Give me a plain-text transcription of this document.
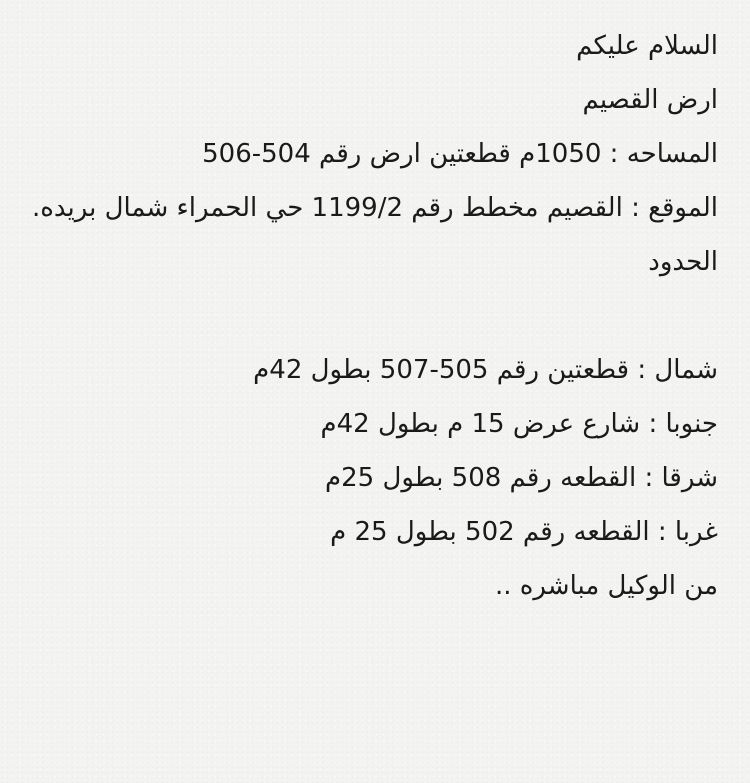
السلام عليكم
ارض القصيم
المساحه : 1050م قطعتين ارض رقم 504-506
الموقع : القصيم مخطط رقم 1199/2 حي الحمراء شمال بريده.
الحدود
شمال : قطعتين رقم 505-507 بطول 42م
جنوبا : شارع عرض 15 م بطول 42م
شرقا : القطعه رقم 508 بطول 25م
غربا : القطعه رقم 502 بطول 25 م
من الوكيل مباشره ..
